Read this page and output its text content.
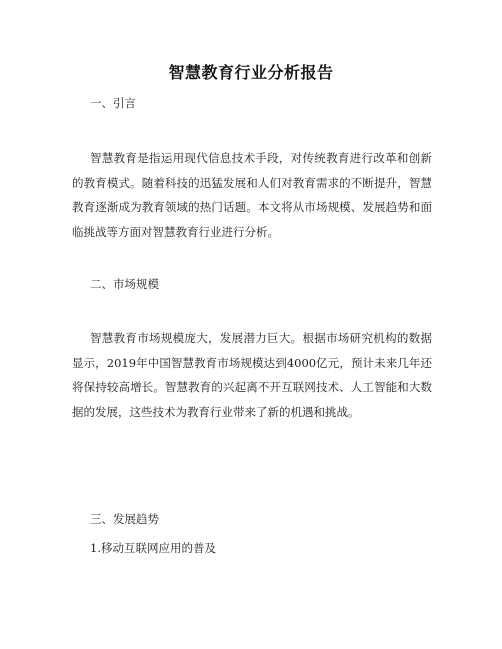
智慧教育行业分析报告
一、引言
智慧教育是指运用现代信息技术手段，对传统教育进行改革和创新的教育模式。随着科技的迅猛发展和人们对教育需求的不断提升，智慧教育逐渐成为教育领域的热门话题。本文将从市场规模、发展趋势和面临挑战等方面对智慧教育行业进行分析。
二、市场规模
智慧教育市场规模庞大，发展潜力巨大。根据市场研究机构的数据显示，2019年中国智慧教育市场规模达到4000亿元，预计未来几年还将保持较高增长。智慧教育的兴起离不开互联网技术、人工智能和大数据的发展，这些技术为教育行业带来了新的机遇和挑战。
三、发展趋势
1.移动互联网应用的普及
